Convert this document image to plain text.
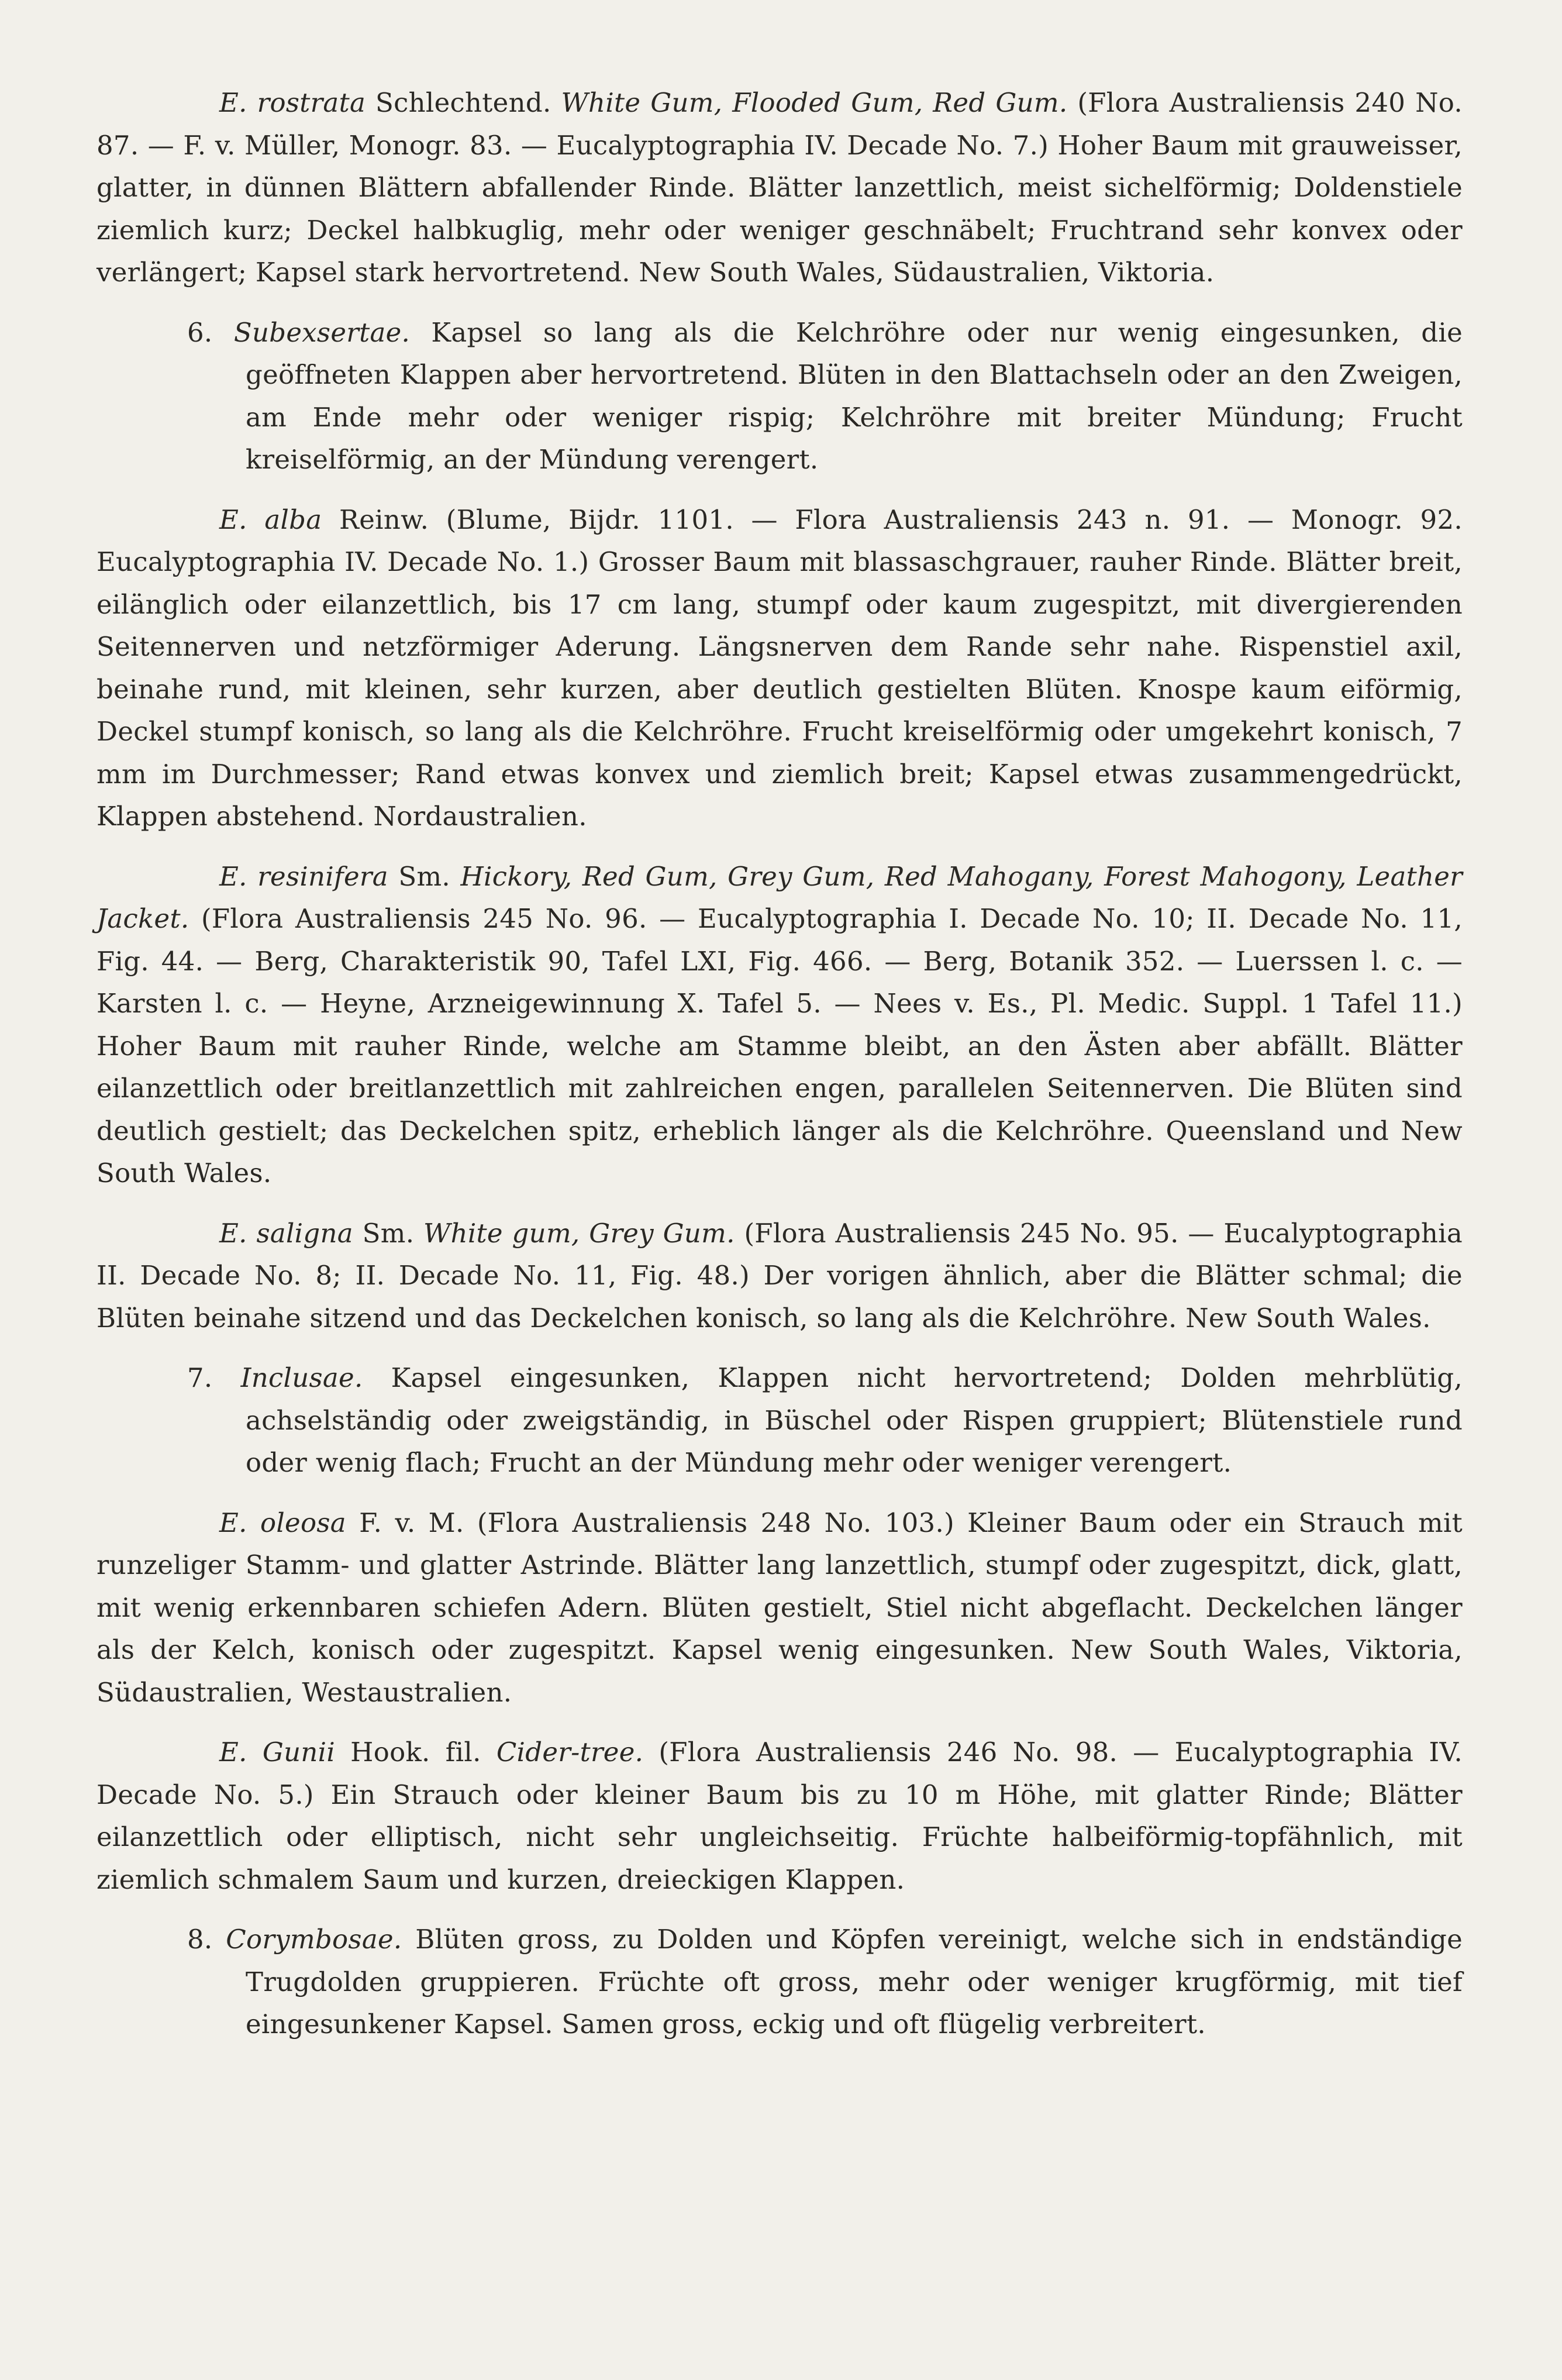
E. rostrata Schlechtend. White Gum, Flooded Gum, Red Gum. (Flora Australiensis 240 No. 87. — F. v. Müller, Monogr. 83. — Eucalyptographia IV. Decade No. 7.) Hoher Baum mit grauweisser, glatter, in dünnen Blättern abfallender Rinde. Blätter lanzettlich, meist sichelförmig; Doldenstiele ziemlich kurz; Deckel halbkuglig, mehr oder weniger geschnäbelt; Fruchtrand sehr konvex oder verlängert; Kapsel stark hervortretend. New South Wales, Südaustralien, Viktoria.

6. Subexsertae. Kapsel so lang als die Kelchröhre oder nur wenig eingesunken, die geöffneten Klappen aber hervortretend. Blüten in den Blattachseln oder an den Zweigen, am Ende mehr oder weniger rispig; Kelchröhre mit breiter Mündung; Frucht kreiselförmig, an der Mündung verengert.

E. alba Reinw. (Blume, Bijdr. 1101. — Flora Australiensis 243 n. 91. — Monogr. 92. Eucalyptographia IV. Decade No. 1.) Grosser Baum mit blassaschgrauer, rauher Rinde. Blätter breit, eilänglich oder eilanzettlich, bis 17 cm lang, stumpf oder kaum zugespitzt, mit divergierenden Seitennerven und netzförmiger Aderung. Längsnerven dem Rande sehr nahe. Rispenstiel axil, beinahe rund, mit kleinen, sehr kurzen, aber deutlich gestielten Blüten. Knospe kaum eiförmig, Deckel stumpf konisch, so lang als die Kelchröhre. Frucht kreiselförmig oder umgekehrt konisch, 7 mm im Durchmesser; Rand etwas konvex und ziemlich breit; Kapsel etwas zusammengedrückt, Klappen abstehend. Nordaustralien.

E. resinifera Sm. Hickory, Red Gum, Grey Gum, Red Mahogany, Forest Mahogony, Leather Jacket. (Flora Australiensis 245 No. 96. — Eucalyptographia I. Decade No. 10; II. Decade No. 11, Fig. 44. — Berg, Charakteristik 90, Tafel LXI, Fig. 466. — Berg, Botanik 352. — Luerssen l. c. — Karsten l. c. — Heyne, Arzneigewinnung X. Tafel 5. — Nees v. Es., Pl. Medic. Suppl. 1 Tafel 11.) Hoher Baum mit rauher Rinde, welche am Stamme bleibt, an den Ästen aber abfällt. Blätter eilanzettlich oder breitlanzettlich mit zahlreichen engen, parallelen Seitennerven. Die Blüten sind deutlich gestielt; das Deckelchen spitz, erheblich länger als die Kelchröhre. Queensland und New South Wales.

E. saligna Sm. White gum, Grey Gum. (Flora Australiensis 245 No. 95. — Eucalyptographia II. Decade No. 8; II. Decade No. 11, Fig. 48.) Der vorigen ähnlich, aber die Blätter schmal; die Blüten beinahe sitzend und das Deckelchen konisch, so lang als die Kelchröhre. New South Wales.

7. Inclusae. Kapsel eingesunken, Klappen nicht hervortretend; Dolden mehrblütig, achselständig oder zweigständig, in Büschel oder Rispen gruppiert; Blütenstiele rund oder wenig flach; Frucht an der Mündung mehr oder weniger verengert.

E. oleosa F. v. M. (Flora Australiensis 248 No. 103.) Kleiner Baum oder ein Strauch mit runzeliger Stamm- und glatter Astrinde. Blätter lang lanzettlich, stumpf oder zugespitzt, dick, glatt, mit wenig erkennbaren schiefen Adern. Blüten gestielt, Stiel nicht abgeflacht. Deckelchen länger als der Kelch, konisch oder zugespitzt. Kapsel wenig eingesunken. New South Wales, Viktoria, Südaustralien, Westaustralien.

E. Gunii Hook. fil. Cider-tree. (Flora Australiensis 246 No. 98. — Eucalyptographia IV. Decade No. 5.) Ein Strauch oder kleiner Baum bis zu 10 m Höhe, mit glatter Rinde; Blätter eilanzettlich oder elliptisch, nicht sehr ungleichseitig. Früchte halbeiförmig-topfähnlich, mit ziemlich schmalem Saum und kurzen, dreieckigen Klappen.

8. Corymbosae. Blüten gross, zu Dolden und Köpfen vereinigt, welche sich in endständige Trugdolden gruppieren. Früchte oft gross, mehr oder weniger krugförmig, mit tief eingesunkener Kapsel. Samen gross, eckig und oft flügelig verbreitert.
